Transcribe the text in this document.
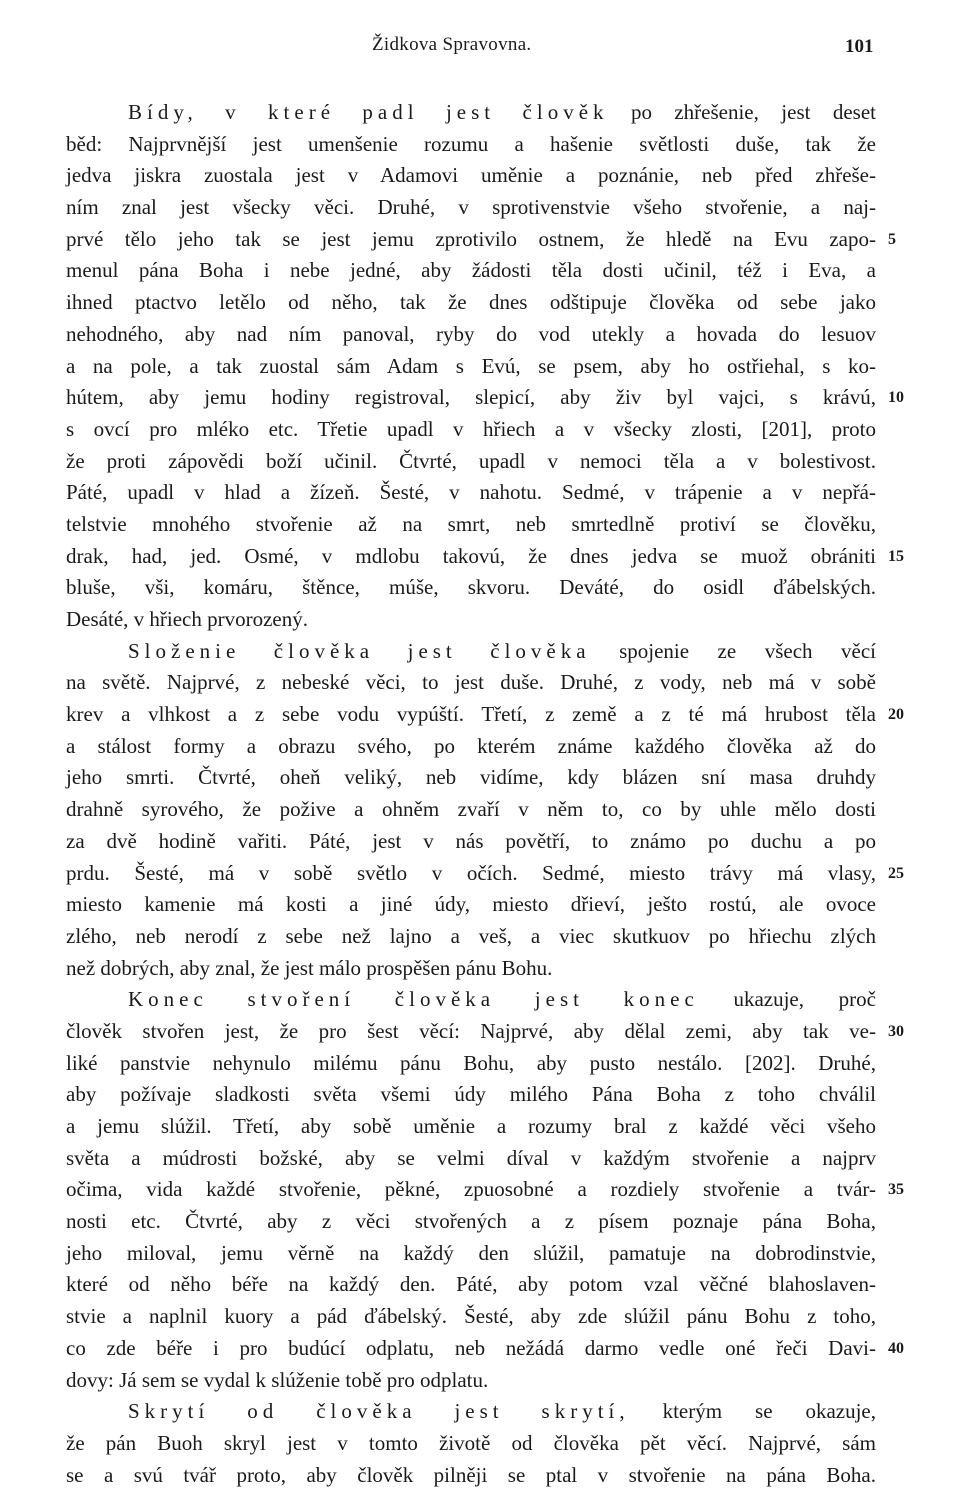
Židkova Spravovna.	101
Bídy, v které padl jest člověk po zhřešenie, jest deset
běd: Najprvnější jest umenšenie rozumu a hašenie světlosti duše, tak že
jedva jiskra zuostala jest v Adamovi uměnie a poznánie, neb před zhřeše-
ním znal jest všecky věci. Druhé, v sprotivenstvie všeho stvořenie, a naj-
prvé tělo jeho tak se jest jemu zprotivilo ostnem, že hledě na Evu zapo- 5
menul pána Boha i nebe jedné, aby žádosti těla dosti učinil, též i Eva, a
ihned ptactvo letělo od něho, tak že dnes odštipuje člověka od sebe jako
nehodného, aby nad ním panoval, ryby do vod utekly a hovada do lesuov
a na pole, a tak zuostal sám Adam s Evú, se psem, aby ho ostřiehal, s ko-
hútem, aby jemu hodiny registroval, slepicí, aby živ byl vajci, s krávú, 10
s ovcí pro mléko etc. Třetie upadl v hřiech a v všecky zlosti, [201], proto
že proti zápovědi boží učinil. Čtvrté, upadl v nemoci těla a v bolestivost.
Páté, upadl v hlad a žízeň. Šesté, v nahotu. Sedmé, v trápenie a v nepřá-
telstvie mnohého stvořenie až na smrt, neb smrtedlně protiví se člověku,
drak, had, jed. Osmé, v mdlobu takovú, že dnes jedva se muož obrániti 15
bluše, vši, komáru, štěnce, múše, skvoru. Deváté, do osidl ďábelských.
Desáté, v hřiech prvorozený.
Složenie člověka jest člověka spojenie ze všech věcí
na světě. Najprvé, z nebeské věci, to jest duše. Druhé, z vody, neb má v sobě
krev a vlhkost a z sebe vodu vypúští. Třetí, z země a z té má hrubost těla 20
a stálost formy a obrazu svého, po kterém známe každého člověka až do
jeho smrti. Čtvrté, oheň veliký, neb vidíme, kdy blázen sní masa druhdy
drahně syrového, že požive a ohněm zvaří v něm to, co by uhle mělo dosti
za dvě hodině vařiti. Páté, jest v nás povětří, to známo po duchu a po
prdu. Šesté, má v sobě světlo v očích. Sedmé, miesto trávy má vlasy, 25
miesto kamenie má kosti a jiné údy, miesto dřieví, ješto rostú, ale ovoce
zlého, neb nerodí z sebe než lajno a veš, a viec skutkuov po hřiechu zlých
než dobrých, aby znal, že jest málo prospěšen pánu Bohu.
Konec stvoření člověka jest konec ukazuje, proč
člověk stvořen jest, že pro šest věcí: Najprvé, aby dělal zemi, aby tak ve- 30
liké panstvie nehynulo milému pánu Bohu, aby pusto nestálo. [202]. Druhé,
aby požívaje sladkosti světa všemi údy milého Pána Boha z toho chválil
a jemu slúžil. Třetí, aby sobě uměnie a rozumy bral z každé věci všeho
světa a múdrosti božské, aby se velmi díval v každým stvořenie a najprv
očima, vida každé stvořenie, pěkné, zpuosobné a rozdiely stvořenie a tvár- 35
nosti etc. Čtvrté, aby z věci stvořených a z písem poznaje pána Boha,
jeho miloval, jemu věrně na každý den slúžil, pamatuje na dobrodinstvie,
které od něho béře na každý den. Páté, aby potom vzal věčné blahoslaven-
stvie a naplnil kuory a pád ďábelský. Šesté, aby zde slúžil pánu Bohu z toho,
co zde béře i pro budúcí odplatu, neb nežádá darmo vedle oné řeči Davi- 40
dovy: Já sem se vydal k slúženie tobě pro odplatu.
Skrytí od člověka jest skrytí, kterým se okazuje,
že pán Buoh skryl jest v tomto životě od člověka pět věcí. Najprvé, sám
se a svú tvář proto, aby člověk pilněji se ptal v stvořenie na pána Boha.
